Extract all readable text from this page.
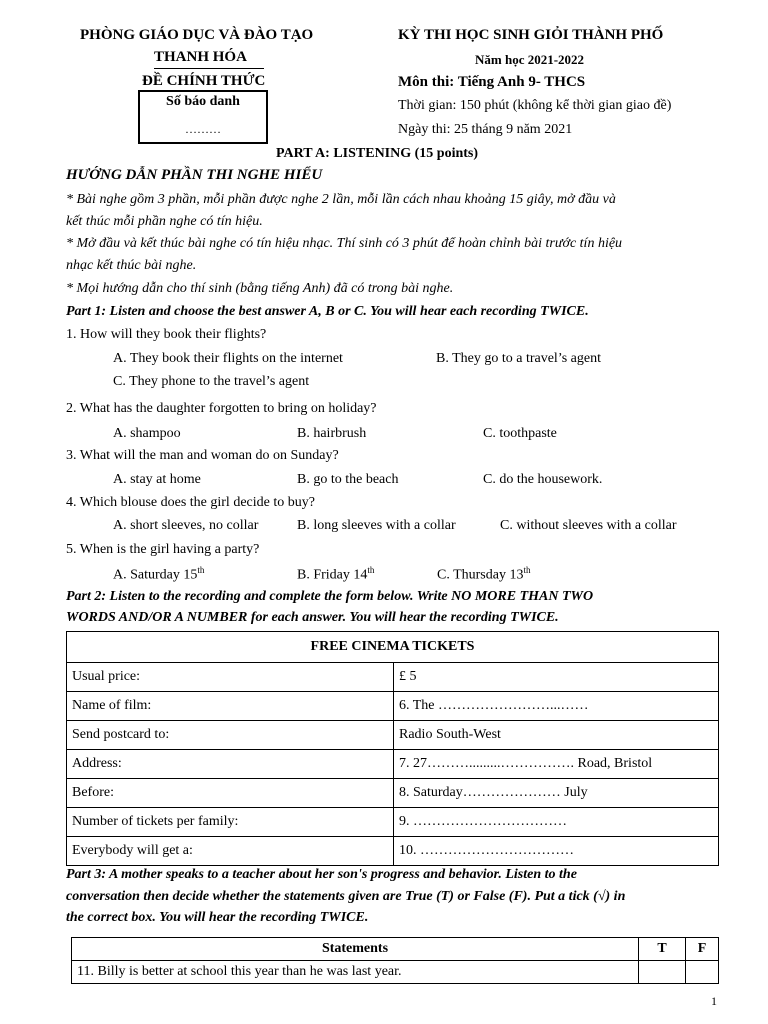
PHÒNG GIÁO DỤC VÀ ĐÀO TẠO
THANH HÓA
ĐỀ CHÍNH THỨC
Số báo danh
………
KỲ THI HỌC SINH GIỎI THÀNH PHỐ
Năm học 2021-2022
Môn thi: Tiếng Anh 9- THCS
Thời gian: 150 phút (không kể thời gian giao đề)
Ngày thi: 25 tháng 9 năm 2021
PART A: LISTENING (15 points)
HƯỚNG DẪN PHẦN THI NGHE HIỂU
* Bài nghe gồm 3 phần, mỗi phần được nghe 2 lần, mỗi lần cách nhau khoảng 15 giây, mở đầu và
kết thúc mỗi phần nghe có tín hiệu.
* Mở đầu và kết thúc bài nghe có tín hiệu nhạc. Thí sinh có 3 phút để hoàn chỉnh bài trước tín hiệu
nhạc kết thúc bài nghe.
* Mọi hướng dẫn cho thí sinh (bằng tiếng Anh) đã có trong bài nghe.
Part 1: Listen and choose the best answer A, B or C. You will hear each recording TWICE.
1. How will they book their flights?
A. They book their flights on the internet	B. They go to a travel’s agent
C. They phone to the travel’s agent
2. What has the daughter forgotten to bring on holiday?
A. shampoo	B. hairbrush	C. toothpaste
3. What will the man and woman do on Sunday?
A. stay at home	B. go to the beach	C. do the housework.
4. Which blouse does the girl decide to buy?
A. short sleeves, no collar	B. long sleeves with a collar	C. without sleeves with a collar
5. When is the girl having a party?
A. Saturday 15th	B. Friday 14th	C. Thursday 13th
Part 2: Listen to the recording and complete the form below. Write NO MORE THAN TWO
WORDS AND/OR A NUMBER for each answer. You will hear the recording TWICE.
FREE CINEMA TICKETS	
Usual price:	£ 5
Name of film:	6. The ……………………...……
Send postcard to:	Radio South-West
Address:	7. 27……….........……………. Road, Bristol
Before:	8. Saturday………………… July
Number of tickets per family:	9. ……………………………
Everybody will get a:	10. ……………………………
Part 3: A mother speaks to a teacher about her son's progress and behavior. Listen to the
conversation then decide whether the statements given are True (T) or False (F). Put a tick (√) in
the correct box. You will hear the recording TWICE.
Statements	T	F
11. Billy is better at school this year than he was last year.		
1
